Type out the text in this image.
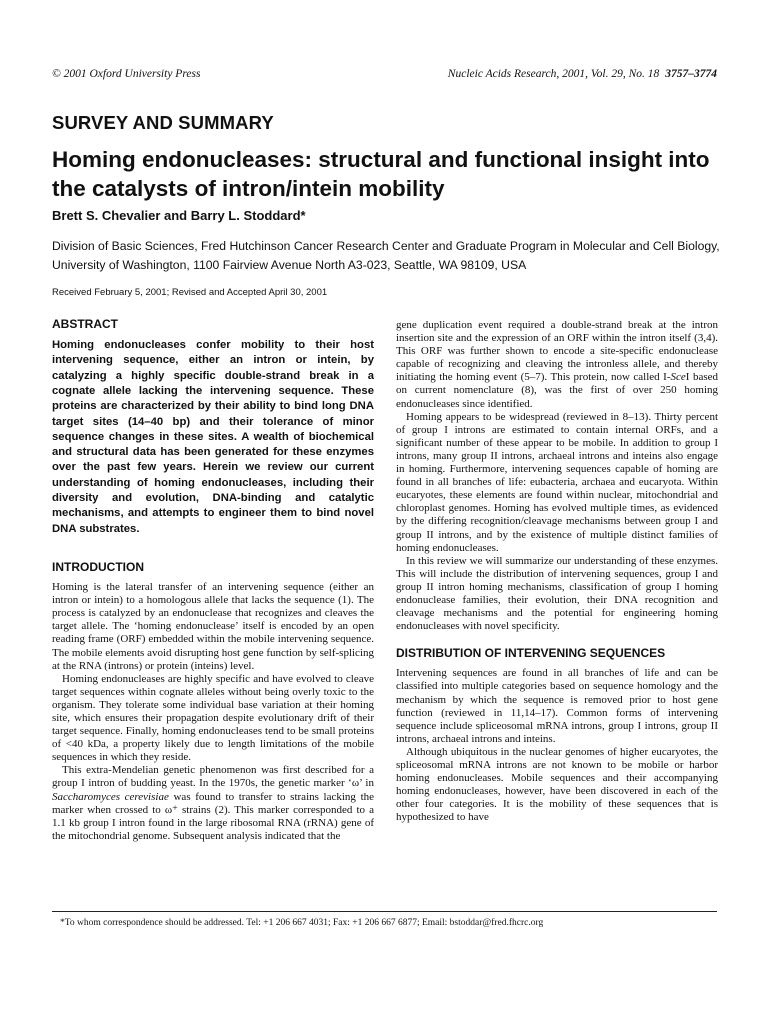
© 2001 Oxford University Press	Nucleic Acids Research, 2001, Vol. 29, No. 18 3757–3774
SURVEY AND SUMMARY
Homing endonucleases: structural and functional insight into the catalysts of intron/intein mobility
Brett S. Chevalier and Barry L. Stoddard*
Division of Basic Sciences, Fred Hutchinson Cancer Research Center and Graduate Program in Molecular and Cell Biology, University of Washington, 1100 Fairview Avenue North A3-023, Seattle, WA 98109, USA
Received February 5, 2001; Revised and Accepted April 30, 2001
ABSTRACT
Homing endonucleases confer mobility to their host intervening sequence, either an intron or intein, by catalyzing a highly specific double-strand break in a cognate allele lacking the intervening sequence. These proteins are characterized by their ability to bind long DNA target sites (14–40 bp) and their tolerance of minor sequence changes in these sites. A wealth of biochemical and structural data has been generated for these enzymes over the past few years. Herein we review our current understanding of homing endonucleases, including their diversity and evolution, DNA-binding and catalytic mechanisms, and attempts to engineer them to bind novel DNA substrates.
INTRODUCTION

Homing is the lateral transfer of an intervening sequence (either an intron or intein) to a homologous allele that lacks the sequence (1). The process is catalyzed by an endonuclease that recognizes and cleaves the target allele. The ‘homing endonuclease’ itself is encoded by an open reading frame (ORF) embedded within the mobile intervening sequence. The mobile elements avoid disrupting host gene function by self-splicing at the RNA (introns) or protein (inteins) level.

Homing endonucleases are highly specific and have evolved to cleave target sequences within cognate alleles without being overly toxic to the organism. They tolerate some individual base variation at their homing site, which ensures their propagation despite evolutionary drift of their target sequence. Finally, homing endonucleases tend to be small proteins of <40 kDa, a property likely due to length limitations of the mobile sequences in which they reside.

This extra-Mendelian genetic phenomenon was first described for a group I intron of budding yeast. In the 1970s, the genetic marker ‘ω’ in Saccharomyces cerevisiae was found to transfer to strains lacking the marker when crossed to ω⁺ strains (2). This marker corresponded to a 1.1 kb group I intron found in the large ribosomal RNA (rRNA) gene of the mitochondrial genome. Subsequent analysis indicated that the

gene duplication event required a double-strand break at the intron insertion site and the expression of an ORF within the intron itself (3,4). This ORF was further shown to encode a site-specific endonuclease capable of recognizing and cleaving the intronless allele, and thereby initiating the homing event (5–7). This protein, now called I-SceI based on current nomenclature (8), was the first of over 250 homing endonucleases since identified.

Homing appears to be widespread (reviewed in 8–13). Thirty percent of group I introns are estimated to contain internal ORFs, and a significant number of these appear to be mobile. In addition to group I introns, many group II introns, archaeal introns and inteins also engage in homing. Furthermore, intervening sequences capable of homing are found in all branches of life: eubacteria, archaea and eucaryota. Within eucaryotes, these elements are found within nuclear, mitochondrial and chloroplast genomes. Homing has evolved multiple times, as evidenced by the differing recognition/cleavage mechanisms between group I and group II introns, and by the existence of multiple distinct families of homing endonucleases.

In this review we will summarize our understanding of these enzymes. This will include the distribution of intervening sequences, group I and group II intron homing mechanisms, classification of group I homing endonuclease families, their evolution, their DNA recognition and cleavage mechanisms and the potential for engineering homing endonucleases with novel specificity.

DISTRIBUTION OF INTERVENING SEQUENCES

Intervening sequences are found in all branches of life and can be classified into multiple categories based on sequence homology and the mechanism by which the sequence is removed prior to host gene function (reviewed in 11,14–17). Common forms of intervening sequence include spliceosomal mRNA introns, group I introns, group II introns, archaeal introns and inteins.

Although ubiquitous in the nuclear genomes of higher eucaryotes, the spliceosomal mRNA introns are not known to be mobile or harbor homing endonucleases. Mobile sequences and their accompanying homing endonucleases, however, have been discovered in each of the other four categories. It is the mobility of these sequences that is hypothesized to have

*To whom correspondence should be addressed. Tel: +1 206 667 4031; Fax: +1 206 667 6877; Email: bstoddar@fred.fhcrc.org
